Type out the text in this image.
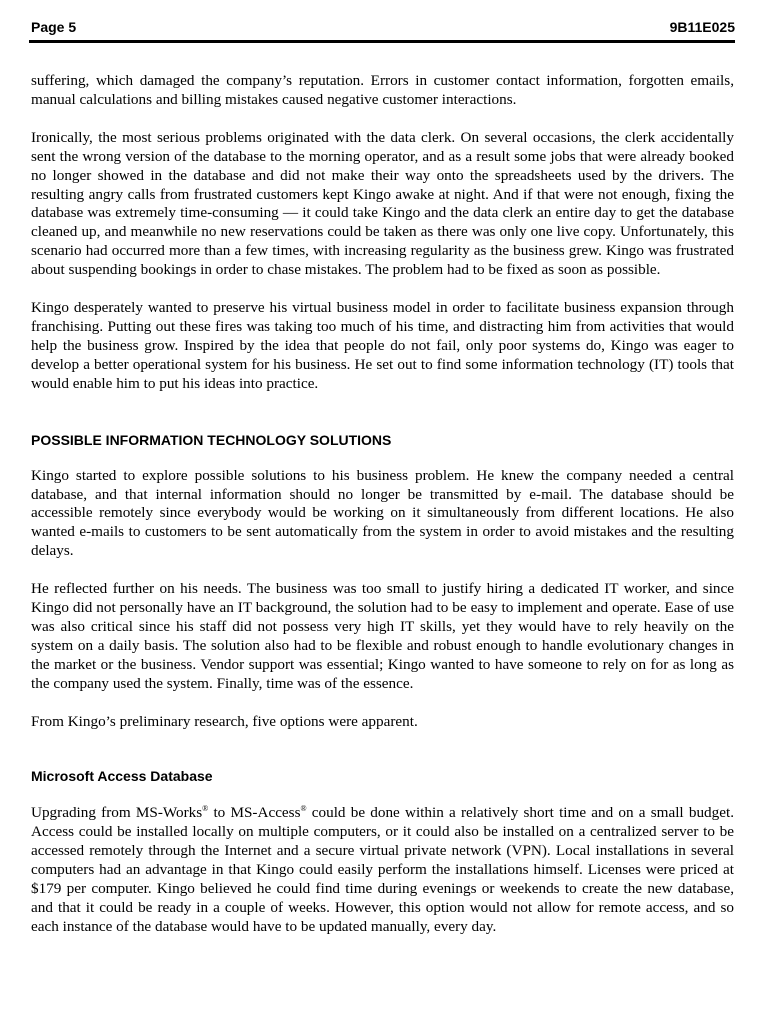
Page 5	9B11E025

suffering, which damaged the company’s reputation. Errors in customer contact information, forgotten emails, manual calculations and billing mistakes caused negative customer interactions.

Ironically, the most serious problems originated with the data clerk. On several occasions, the clerk accidentally sent the wrong version of the database to the morning operator, and as a result some jobs that were already booked no longer showed in the database and did not make their way onto the spreadsheets used by the drivers. The resulting angry calls from frustrated customers kept Kingo awake at night. And if that were not enough, fixing the database was extremely time-consuming — it could take Kingo and the data clerk an entire day to get the database cleaned up, and meanwhile no new reservations could be taken as there was only one live copy. Unfortunately, this scenario had occurred more than a few times, with increasing regularity as the business grew. Kingo was frustrated about suspending bookings in order to chase mistakes. The problem had to be fixed as soon as possible.

Kingo desperately wanted to preserve his virtual business model in order to facilitate business expansion through franchising. Putting out these fires was taking too much of his time, and distracting him from activities that would help the business grow. Inspired by the idea that people do not fail, only poor systems do, Kingo was eager to develop a better operational system for his business. He set out to find some information technology (IT) tools that would enable him to put his ideas into practice.

POSSIBLE INFORMATION TECHNOLOGY SOLUTIONS

Kingo started to explore possible solutions to his business problem. He knew the company needed a central database, and that internal information should no longer be transmitted by e-mail. The database should be accessible remotely since everybody would be working on it simultaneously from different locations. He also wanted e-mails to customers to be sent automatically from the system in order to avoid mistakes and the resulting delays.

He reflected further on his needs. The business was too small to justify hiring a dedicated IT worker, and since Kingo did not personally have an IT background, the solution had to be easy to implement and operate. Ease of use was also critical since his staff did not possess very high IT skills, yet they would have to rely heavily on the system on a daily basis. The solution also had to be flexible and robust enough to handle evolutionary changes in the market or the business. Vendor support was essential; Kingo wanted to have someone to rely on for as long as the company used the system. Finally, time was of the essence.

From Kingo’s preliminary research, five options were apparent.

Microsoft Access Database

Upgrading from MS-Works® to MS-Access® could be done within a relatively short time and on a small budget. Access could be installed locally on multiple computers, or it could also be installed on a centralized server to be accessed remotely through the Internet and a secure virtual private network (VPN). Local installations in several computers had an advantage in that Kingo could easily perform the installations himself. Licenses were priced at $179 per computer. Kingo believed he could find time during evenings or weekends to create the new database, and that it could be ready in a couple of weeks. However, this option would not allow for remote access, and so each instance of the database would have to be updated manually, every day.
